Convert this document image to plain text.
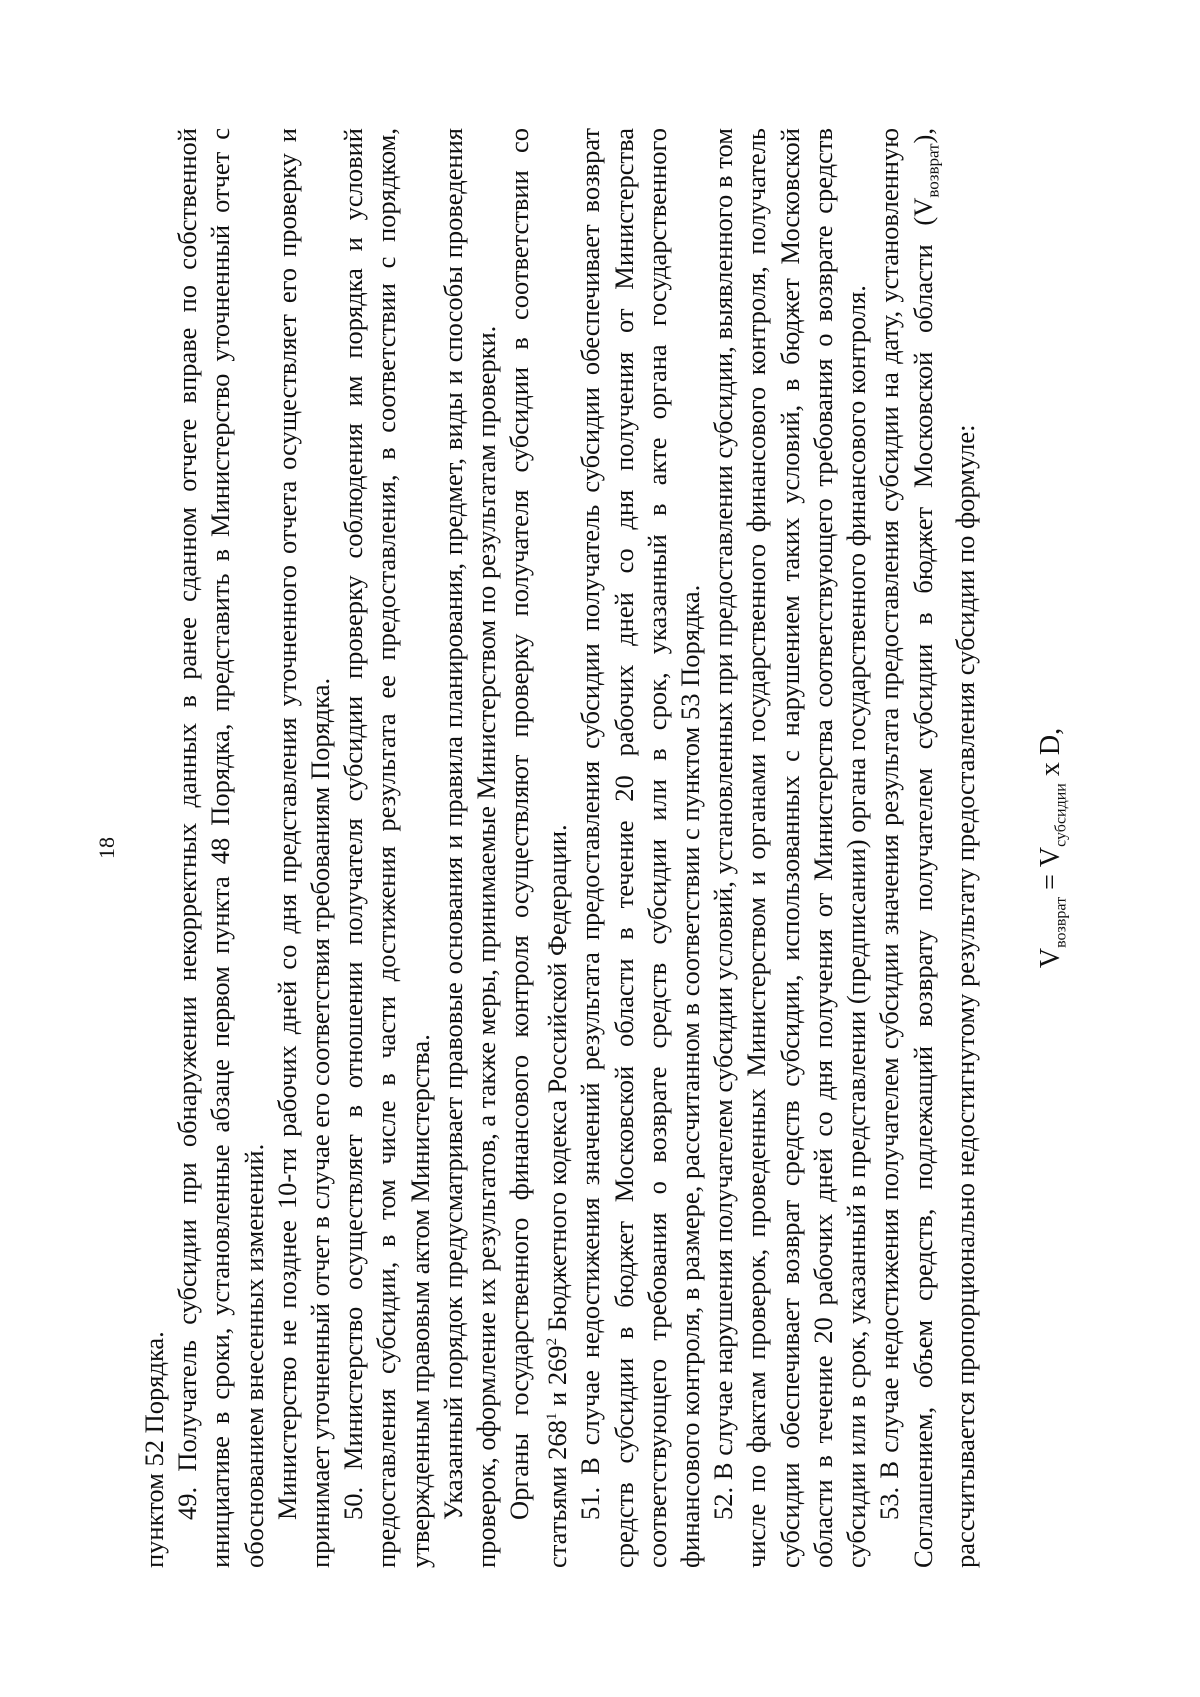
18

пунктом 52 Порядка. 49. Получатель субсидии при обнаружении некорректных данных в ранее сданном отчете вправе по собственной инициативе в сроки, установленные абзаце первом пункта 48 Порядка, представить в Министерство уточненный отчет с обоснованием внесенных изменений. Министерство не позднее 10-ти рабочих дней со дня представления уточненного отчета осуществляет его проверку и принимает уточненный отчет в случае его соответствия требованиям Порядка. 50. Министерство осуществляет в отношении получателя субсидии проверку соблюдения им порядка и условий предоставления субсидии, в том числе в части достижения результата ее предоставления, в соответствии с порядком, утвержденным правовым актом Министерства. Указанный порядок предусматривает правовые основания и правила планирования, предмет, виды и способы проведения проверок, оформление их результатов, а также меры, принимаемые Министерством по результатам проверки. Органы государственного финансового контроля осуществляют проверку получателя субсидии в соответствии со статьями $268^1$ и $269^2$ Бюджетного кодекса Российской Федерации. 51. В случае недостижения значений результата предоставления субсидии получатель субсидии обеспечивает возврат средств субсидии в бюджет Московской области в течение 20 рабочих дней со дня получения от Министерства соответствующего требования о возврате средств субсидии или в срок, указанный в акте органа государственного финансового контроля, в размере, рассчитанном в соответствии с пунктом 53 Порядка. 52. В случае нарушения получателем субсидии условий, установленных при предоставлении субсидии, выявленного в том числе по фактам проверок, проведенных Министерством и органами государственного финансового контроля, получатель субсидии обеспечивает возврат средств субсидии, использованных с нарушением таких условий, в бюджет Московской области в течение 20 рабочих дней со дня получения от Министерства соответствующего требования о возврате средств субсидии или в срок, указанный в представлении (предписании) органа государственного финансового контроля. 53. В случае недостижения получателем субсидии значения результата предоставления субсидии на дату, установленную Соглашением, объем средств, подлежащий возврату получателем субсидии в бюджет Московской области $(V_{возврат})$, рассчитывается пропорционально недостигнутому результату предоставления субсидии по формуле: $V_{возврат} = V_{субсидии}$ x D,
